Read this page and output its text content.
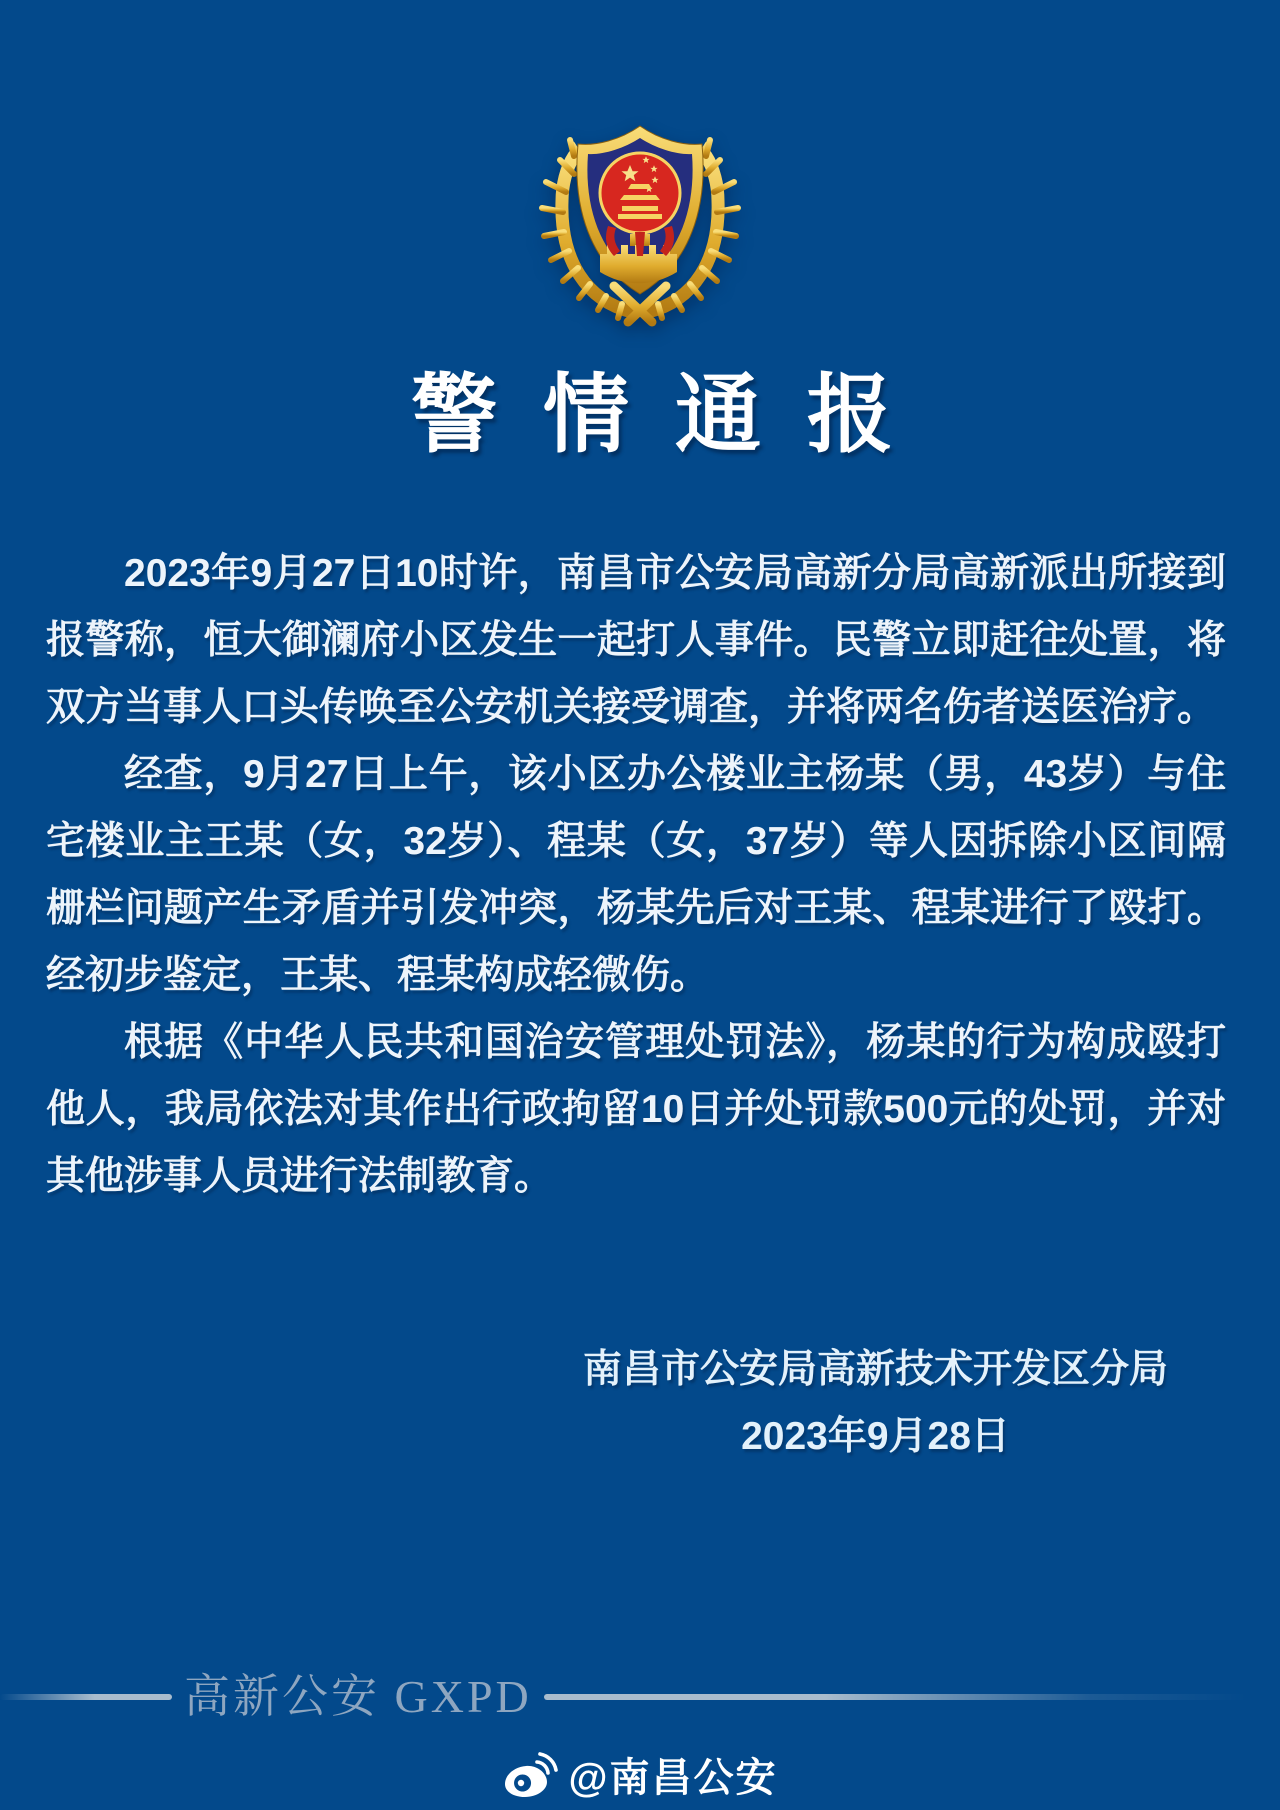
警 情 通 报

2023年9月27日10时许，南昌市公安局高新分局高新派出所接到报警称，恒大御澜府小区发生一起打人事件。民警立即赶往处置，将双方当事人口头传唤至公安机关接受调查，并将两名伤者送医治疗。

经查，9月27日上午，该小区办公楼业主杨某（男，43岁）与住宅楼业主王某（女，32岁）、程某（女，37岁）等人因拆除小区间隔栅栏问题产生矛盾并引发冲突，杨某先后对王某、程某进行了殴打。经初步鉴定，王某、程某构成轻微伤。

根据《中华人民共和国治安管理处罚法》，杨某的行为构成殴打他人，我局依法对其作出行政拘留10日并处罚款500元的处罚，并对其他涉事人员进行法制教育。

南昌市公安局高新技术开发区分局
2023年9月28日
高新公安 GXPD
@南昌公安
